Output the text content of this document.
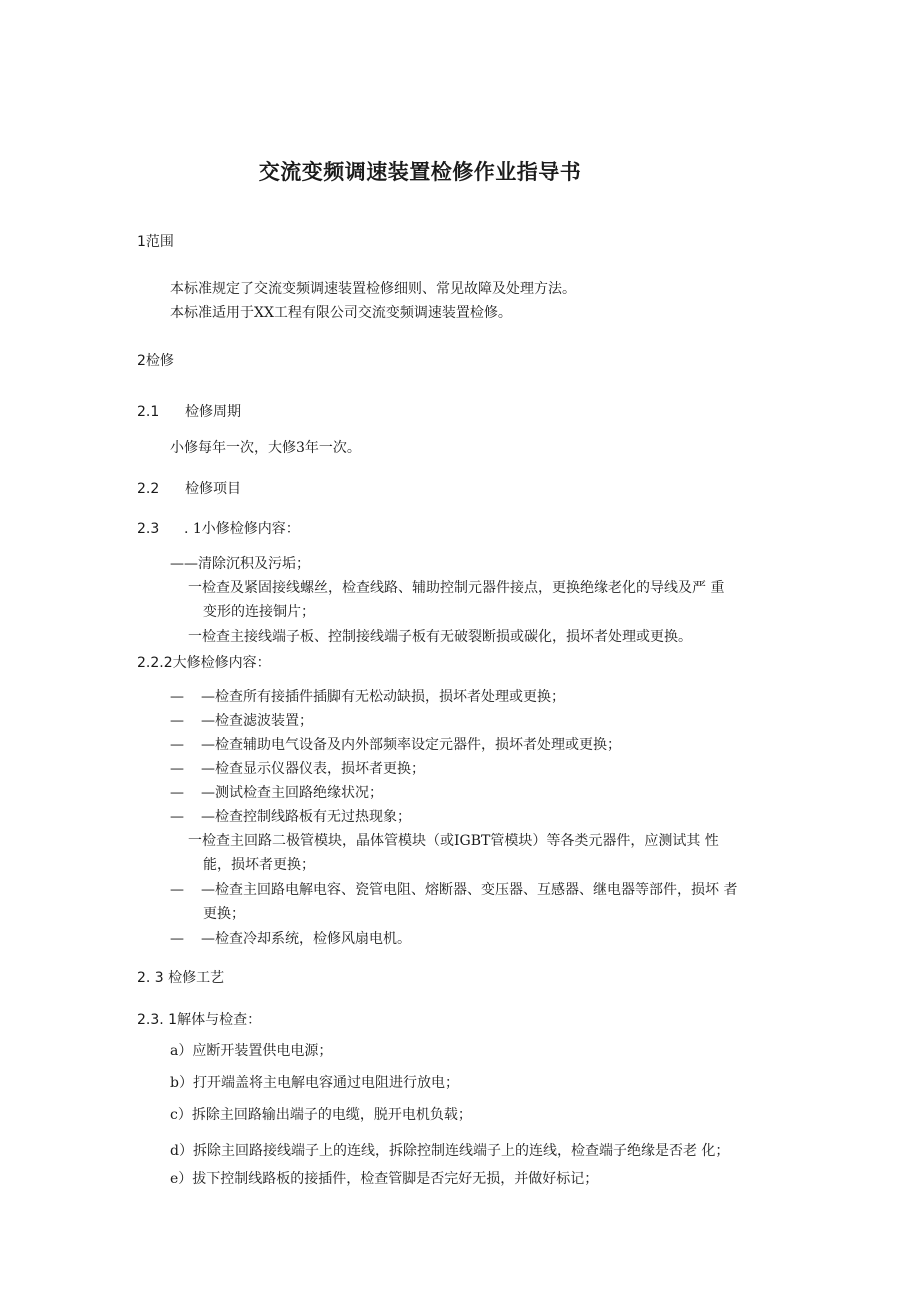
交流变频调速装置检修作业指导书
1范围
本标准规定了交流变频调速装置检修细则、常见故障及处理方法。
本标准适用于XX工程有限公司交流变频调速装置检修。
2检修
2.1 检修周期
小修每年一次，大修3年一次。
2.2 检修项目
2.3 . 1小修检修内容：
——清除沉积及污垢；
一检查及紧固接线螺丝，检查线路、辅助控制元器件接点，更换绝缘老化的导线及严 重
变形的连接铜片；
一检查主接线端子板、控制接线端子板有无破裂断损或碳化，损坏者处理或更换。
2.2.2大修检修内容：
— —检查所有接插件插脚有无松动缺损，损坏者处理或更换；
— —检查滤波装置；
— —检查辅助电气设备及内外部频率设定元器件，损坏者处理或更换；
— —检查显示仪器仪表，损坏者更换；
— —测试检查主回路绝缘状况；
— —检查控制线路板有无过热现象；
一检查主回路二极管模块，晶体管模块（或IGBT管模块）等各类元器件，应测试其 性
能，损坏者更换；
— —检查主回路电解电容、瓷管电阻、熔断器、变压器、互感器、继电器等部件，损坏 者
更换；
— —检查冷却系统，检修风扇电机。
2. 3 检修工艺
2.3. 1解体与检查：
a）应断开装置供电电源；
b）打开端盖将主电解电容通过电阻进行放电；
c）拆除主回路输出端子的电缆，脱开电机负载；
d）拆除主回路接线端子上的连线，拆除控制连线端子上的连线，检查端子绝缘是否老 化；
e）拔下控制线路板的接插件，检查管脚是否完好无损，并做好标记；
